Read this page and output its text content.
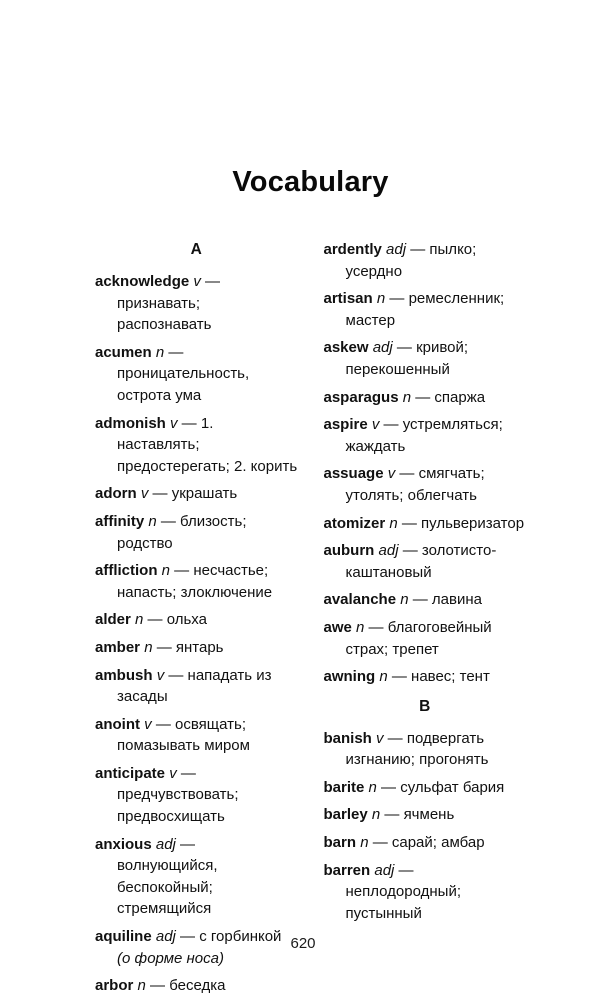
Vocabulary
A

acknowledge v — признавать; распознавать

acumen n — проницательность, острота ума

admonish v — 1. наставлять; предостерегать; 2. корить

adorn v — украшать

affinity n — близость; родство

affliction n — несчастье; напасть; злоключение

alder n — ольха

amber n — янтарь

ambush v — нападать из засады

anoint v — освящать; помазывать миром

anticipate v — предчувствовать; предвосхищать

anxious adj — волнующийся, беспокойный; стремящийся

aquiline adj — с горбинкой (о форме носа)

arbor n — беседка

ardently adj — пылко; усердно

artisan n — ремесленник; мастер

askew adj — кривой; перекошенный

asparagus n — спаржа

aspire v — устремляться; жаждать

assuage v — смягчать; утолять; облегчать

atomizer n — пульверизатор

auburn adj — золотисто-каштановый

avalanche n — лавина

awe n — благоговейный страх; трепет

awning n — навес; тент

B

banish v — подвергать изгнанию; прогонять

barite n — сульфат бария

barley n — ячмень

barn n — сарай; амбар

barren adj — неплодородный; пустынный

620
